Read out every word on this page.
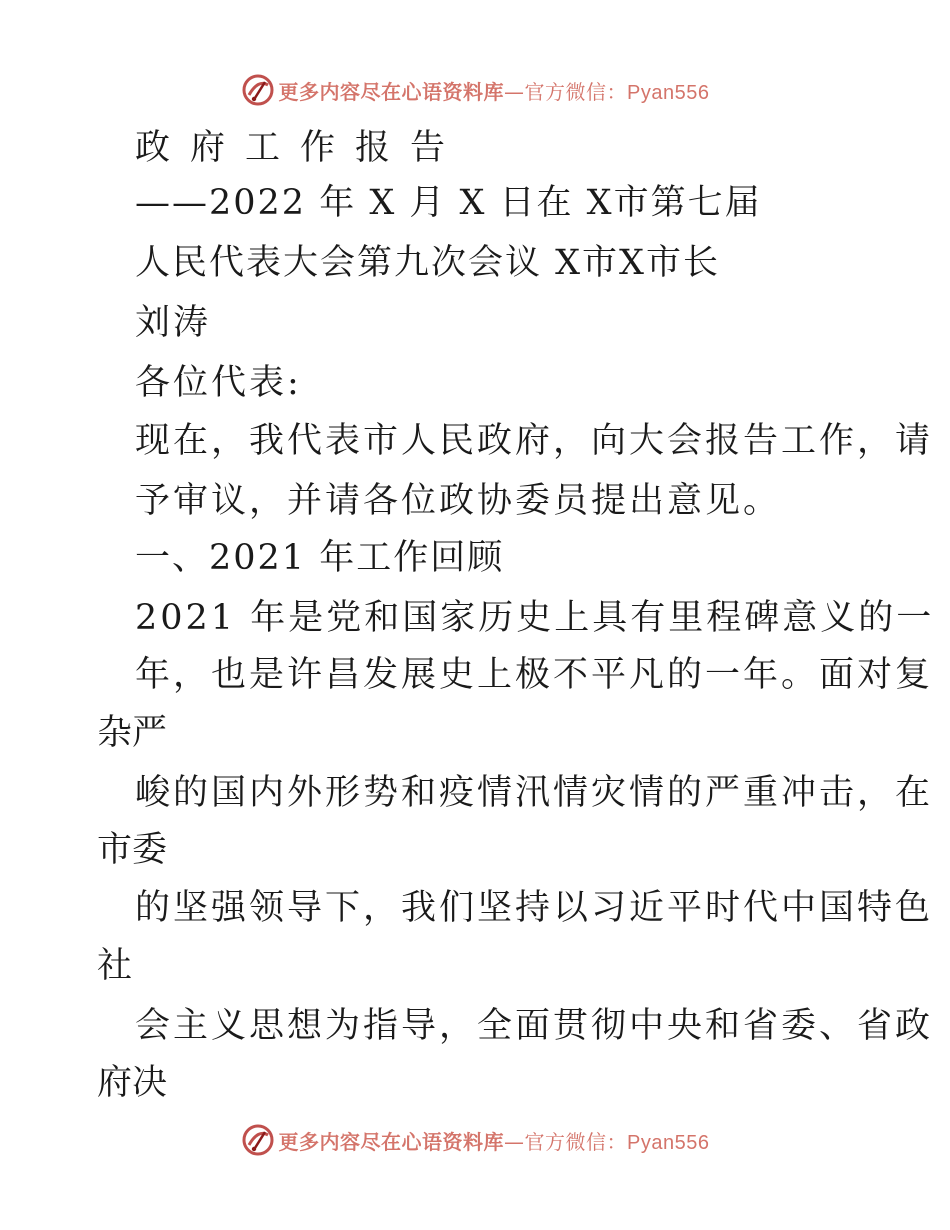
更多内容尽在心语资料库—官方微信：Pyan556
政府工作报告
——2022 年 X 月 X 日在 X市第七届
人民代表大会第九次会议 X市X市长
刘涛
各位代表:
现在，我代表市人民政府，向大会报告工作，请
予审议，并请各位政协委员提出意见。
一、2021 年工作回顾
2021 年是党和国家历史上具有里程碑意义的一
年，也是许昌发展史上极不平凡的一年。面对复
杂严
峻的国内外形势和疫情汛情灾情的严重冲击，在
市委
的坚强领导下，我们坚持以习近平时代中国特色
社
会主义思想为指导，全面贯彻中央和省委、省政
府决
更多内容尽在心语资料库—官方微信：Pyan556
